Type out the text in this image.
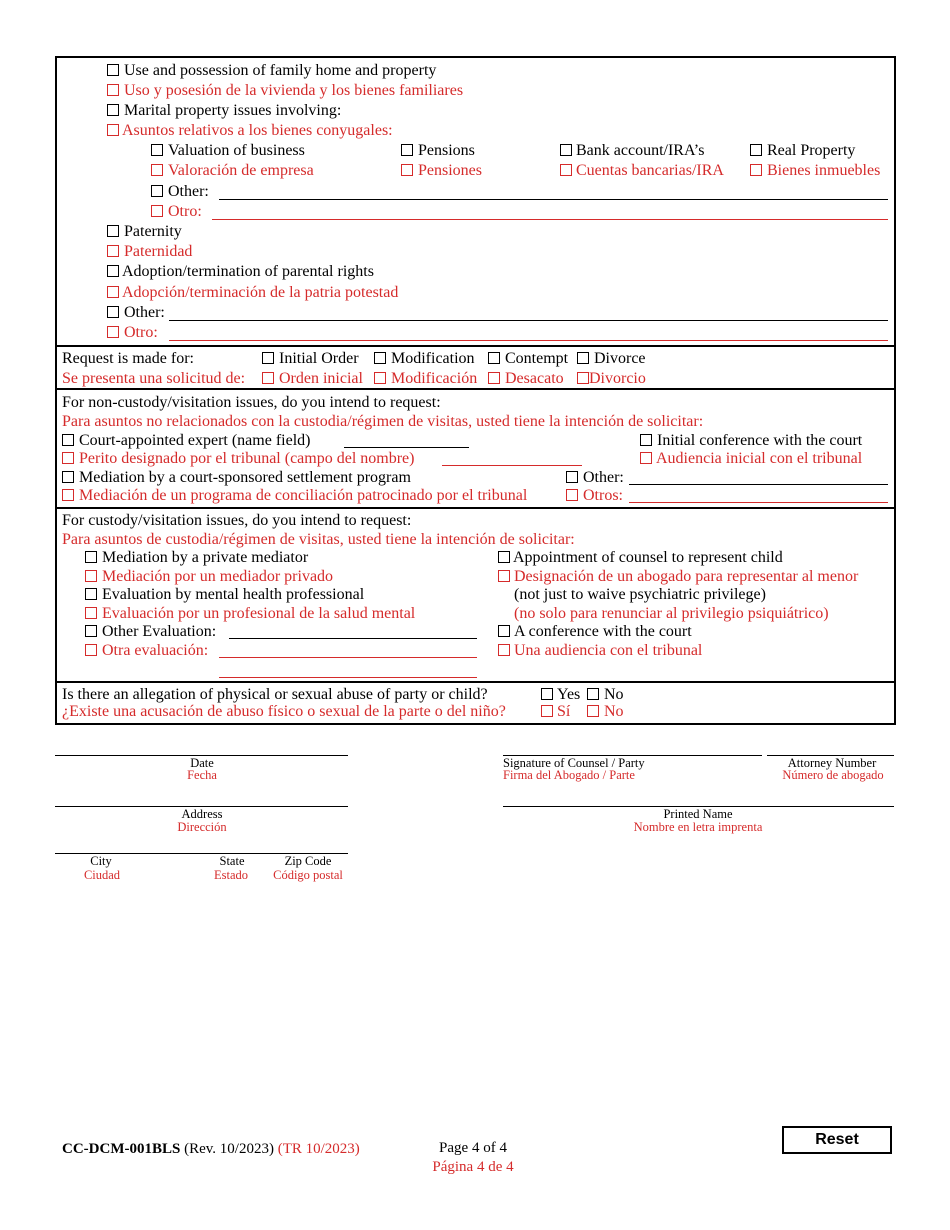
Use and possession of family home and property
Uso y posesión de la vivienda y los bienes familiares
Marital property issues involving:
Asuntos relativos a los bienes conyugales:
Valuation of business
Valoración de empresa
Pensions
Pensiones
Bank account/IRA’s
Cuentas bancarias/IRA
Real Property
Bienes inmuebles
Other:
Otro:
Paternity
Paternidad
Adoption/termination of parental rights
Adopción/terminación de la patria potestad
Other:
Otro:
Request is made for:
Se presenta una solicitud de:
Initial Order
Orden inicial
Modification
Modificación
Contempt
Desacato
Divorce
Divorcio
For non-custody/visitation issues, do you intend to request:
Para asuntos no relacionados con la custodia/régimen de visitas, usted tiene la intención de solicitar:
Court-appointed expert (name field)
Perito designado por el tribunal (campo del nombre)
Initial conference with the court
Audiencia inicial con el tribunal
Mediation by a court-sponsored settlement program
Mediación de un programa de conciliación patrocinado por el tribunal
Other:
Otros:
For custody/visitation issues, do you intend to request:
Para asuntos de custodia/régimen de visitas, usted tiene la intención de solicitar:
Mediation by a private mediator
Mediación por un mediador privado
Evaluation by mental health professional
Evaluación por un profesional de la salud mental
Other Evaluation:
Otra evaluación:
Appointment of counsel to represent child
Designación de un abogado para representar al menor
(not just to waive psychiatric privilege)
(no solo para renunciar al privilegio psiquiátrico)
A conference with the court
Una audiencia con el tribunal
Is there an allegation of physical or sexual abuse of party or child?
¿Existe una acusación de abuso físico o sexual de la parte o del niño?
Yes No
Sí No
Date
Fecha
Signature of Counsel / Party
Firma del Abogado / Parte
Attorney Number
Número de abogado
Address
Dirección
Printed Name
Nombre en letra imprenta
City
Ciudad
State
Estado
Zip Code
Código postal
CC-DCM-001BLS (Rev. 10/2023) (TR 10/2023)	Page 4 of 4
Página 4 de 4
Reset
